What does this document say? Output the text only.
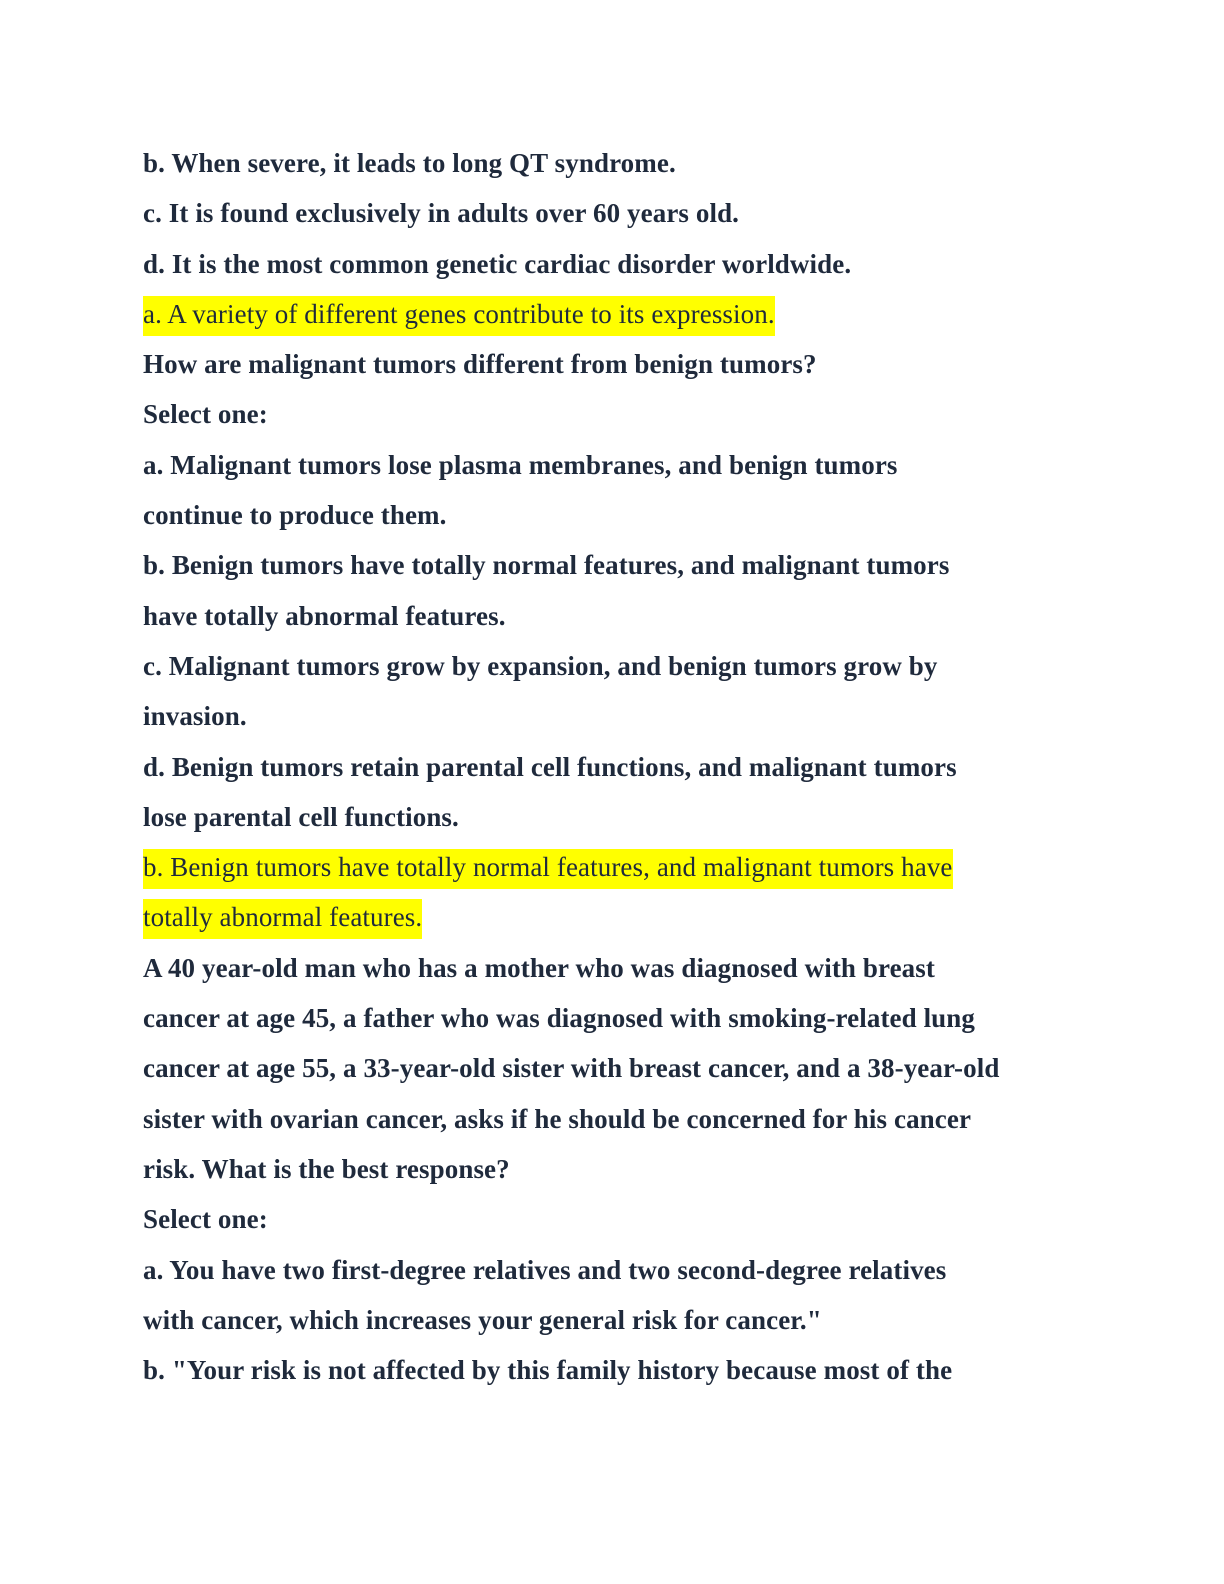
b. When severe, it leads to long QT syndrome.
c. It is found exclusively in adults over 60 years old.
d. It is the most common genetic cardiac disorder worldwide.
a. A variety of different genes contribute to its expression.
How are malignant tumors different from benign tumors?
Select one:
a. Malignant tumors lose plasma membranes, and benign tumors
continue to produce them.
b. Benign tumors have totally normal features, and malignant tumors
have totally abnormal features.
c. Malignant tumors grow by expansion, and benign tumors grow by
invasion.
d. Benign tumors retain parental cell functions, and malignant tumors
lose parental cell functions.
b. Benign tumors have totally normal features, and malignant tumors have
totally abnormal features.
A 40 year-old man who has a mother who was diagnosed with breast
cancer at age 45, a father who was diagnosed with smoking-related lung
cancer at age 55, a 33-year-old sister with breast cancer, and a 38-year-old
sister with ovarian cancer, asks if he should be concerned for his cancer
risk. What is the best response?
Select one:
a. You have two first-degree relatives and two second-degree relatives
with cancer, which increases your general risk for cancer."
b. "Your risk is not affected by this family history because most of the
